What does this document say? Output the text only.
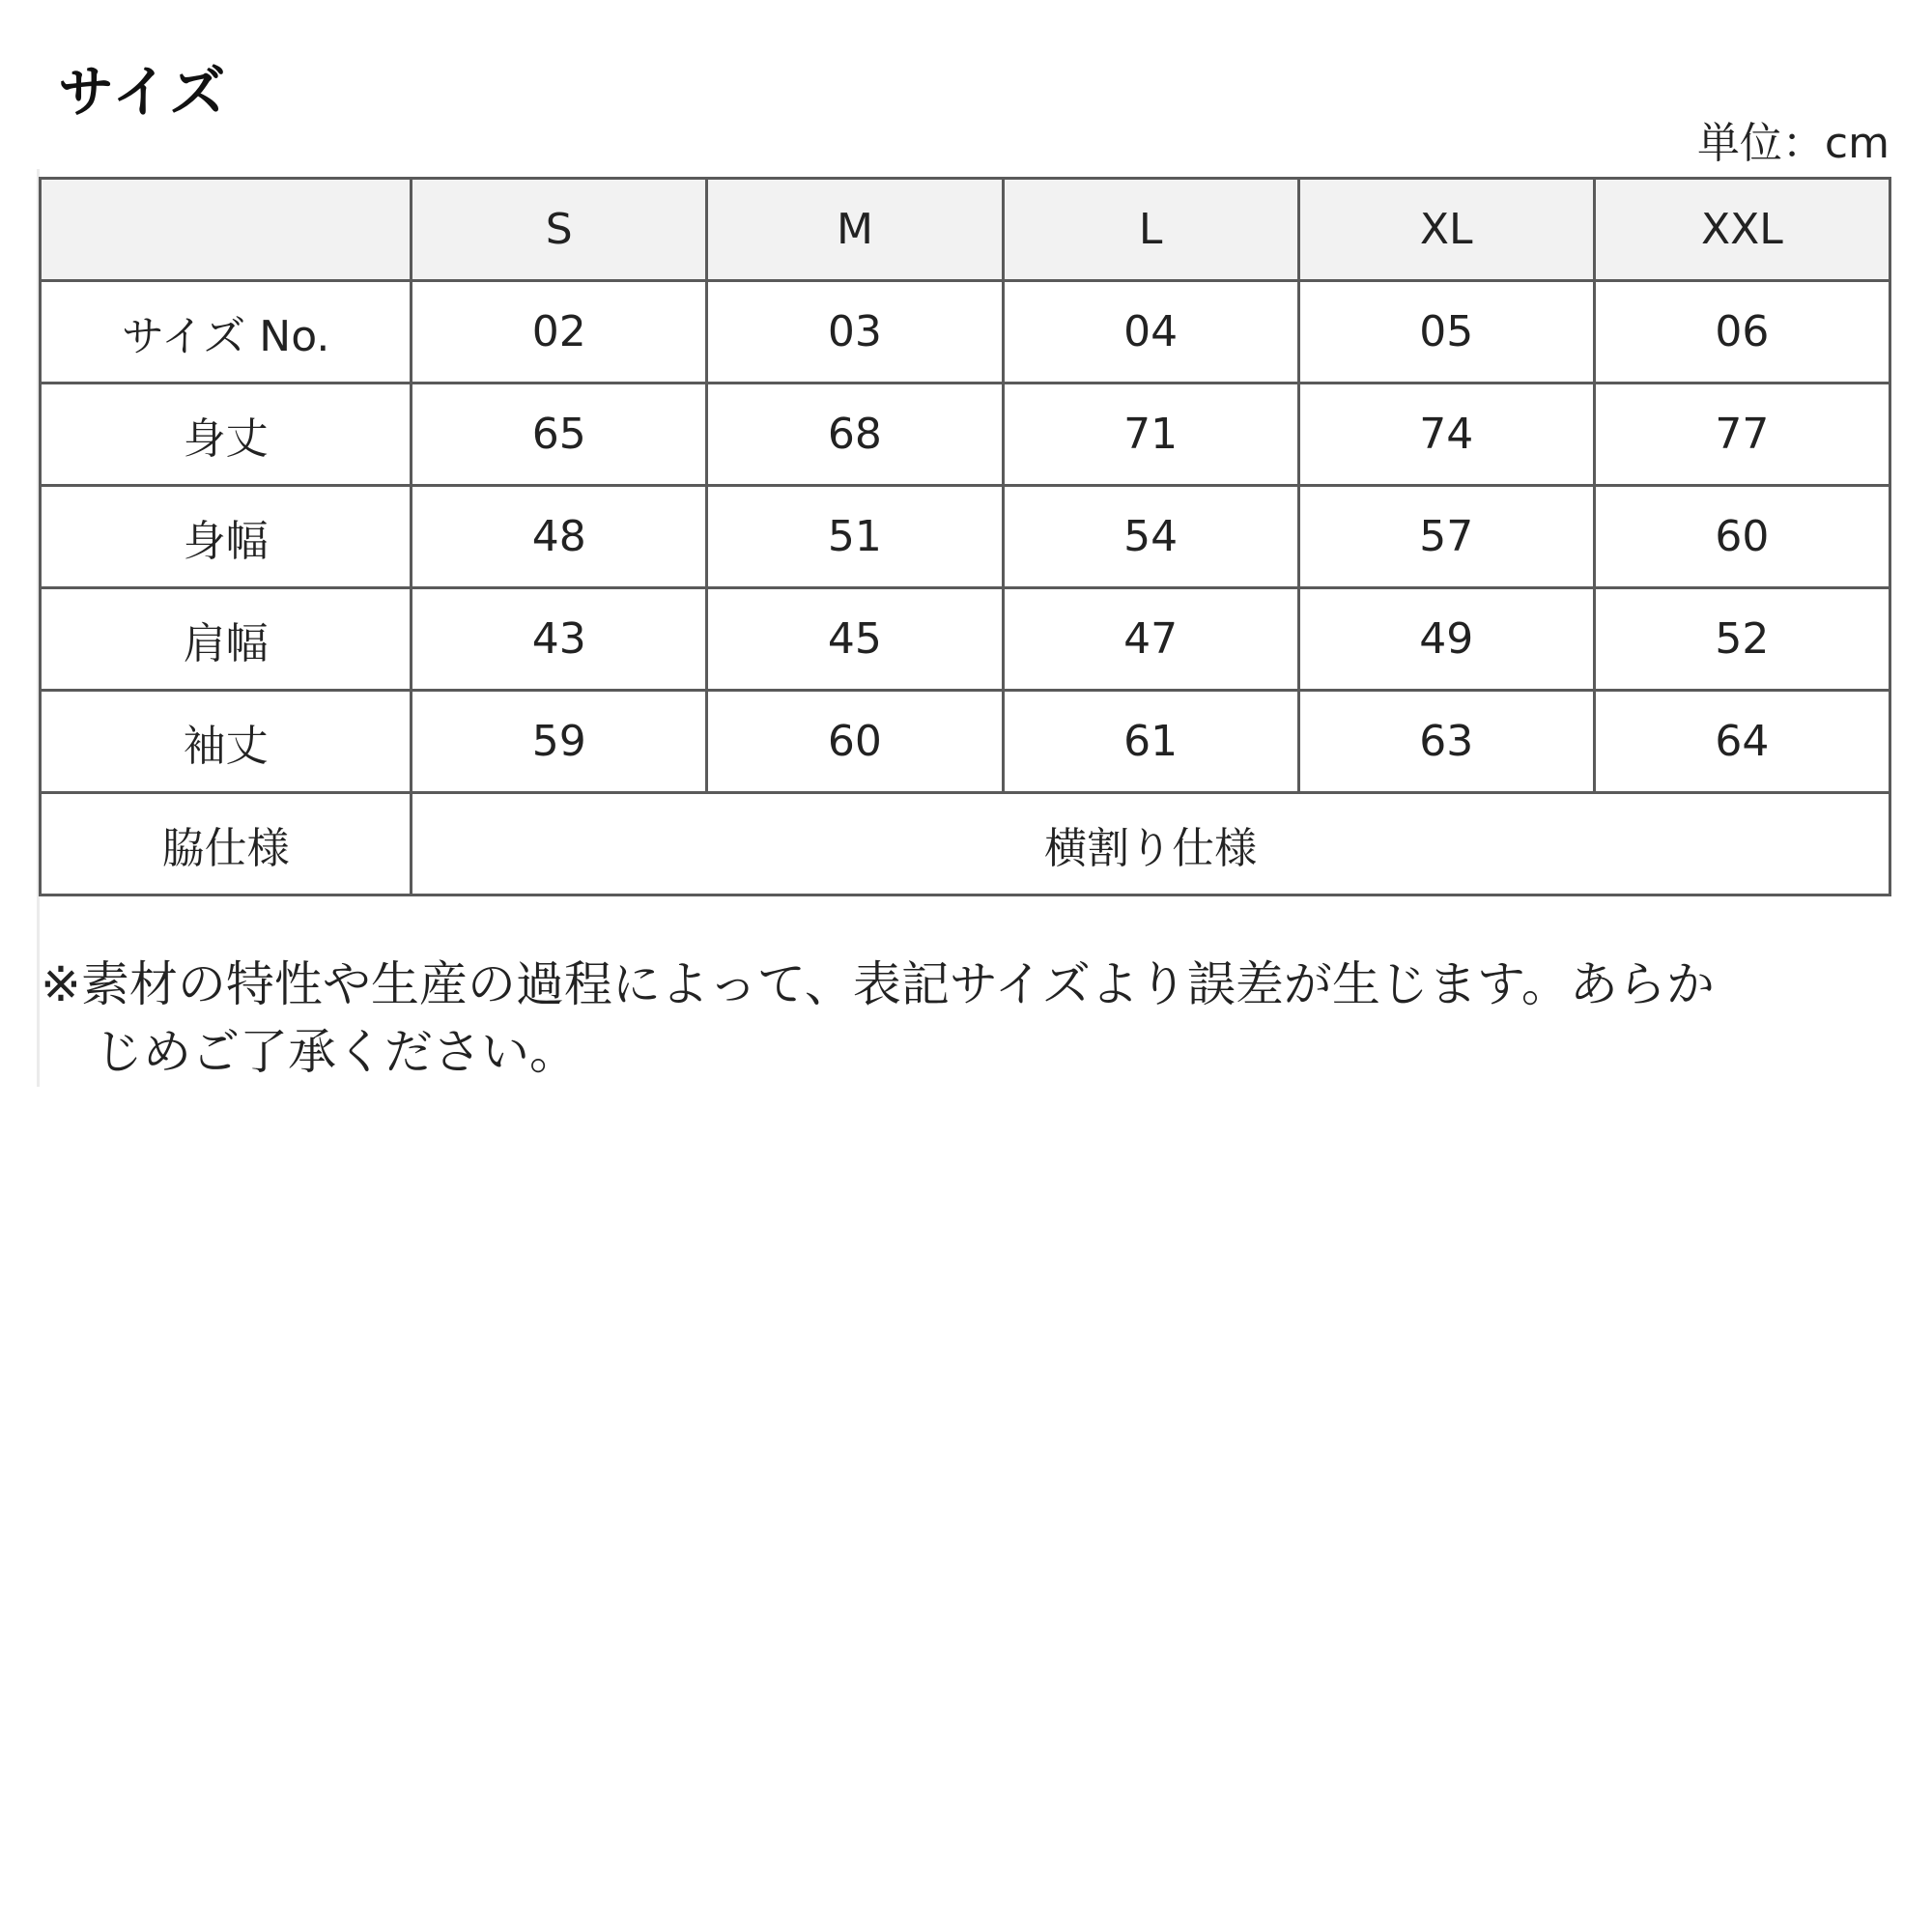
サイズ
単位：cm
	S	M	L	XL	XXL
サイズ No.	02	03	04	05	06
身丈	65	68	71	74	77
身幅	48	51	54	57	60
肩幅	43	45	47	49	52
袖丈	59	60	61	63	64
脇仕様	横割り仕様				
※素材の特性や生産の過程によって、表記サイズより誤差が生じます。あらか
じめご了承ください。
